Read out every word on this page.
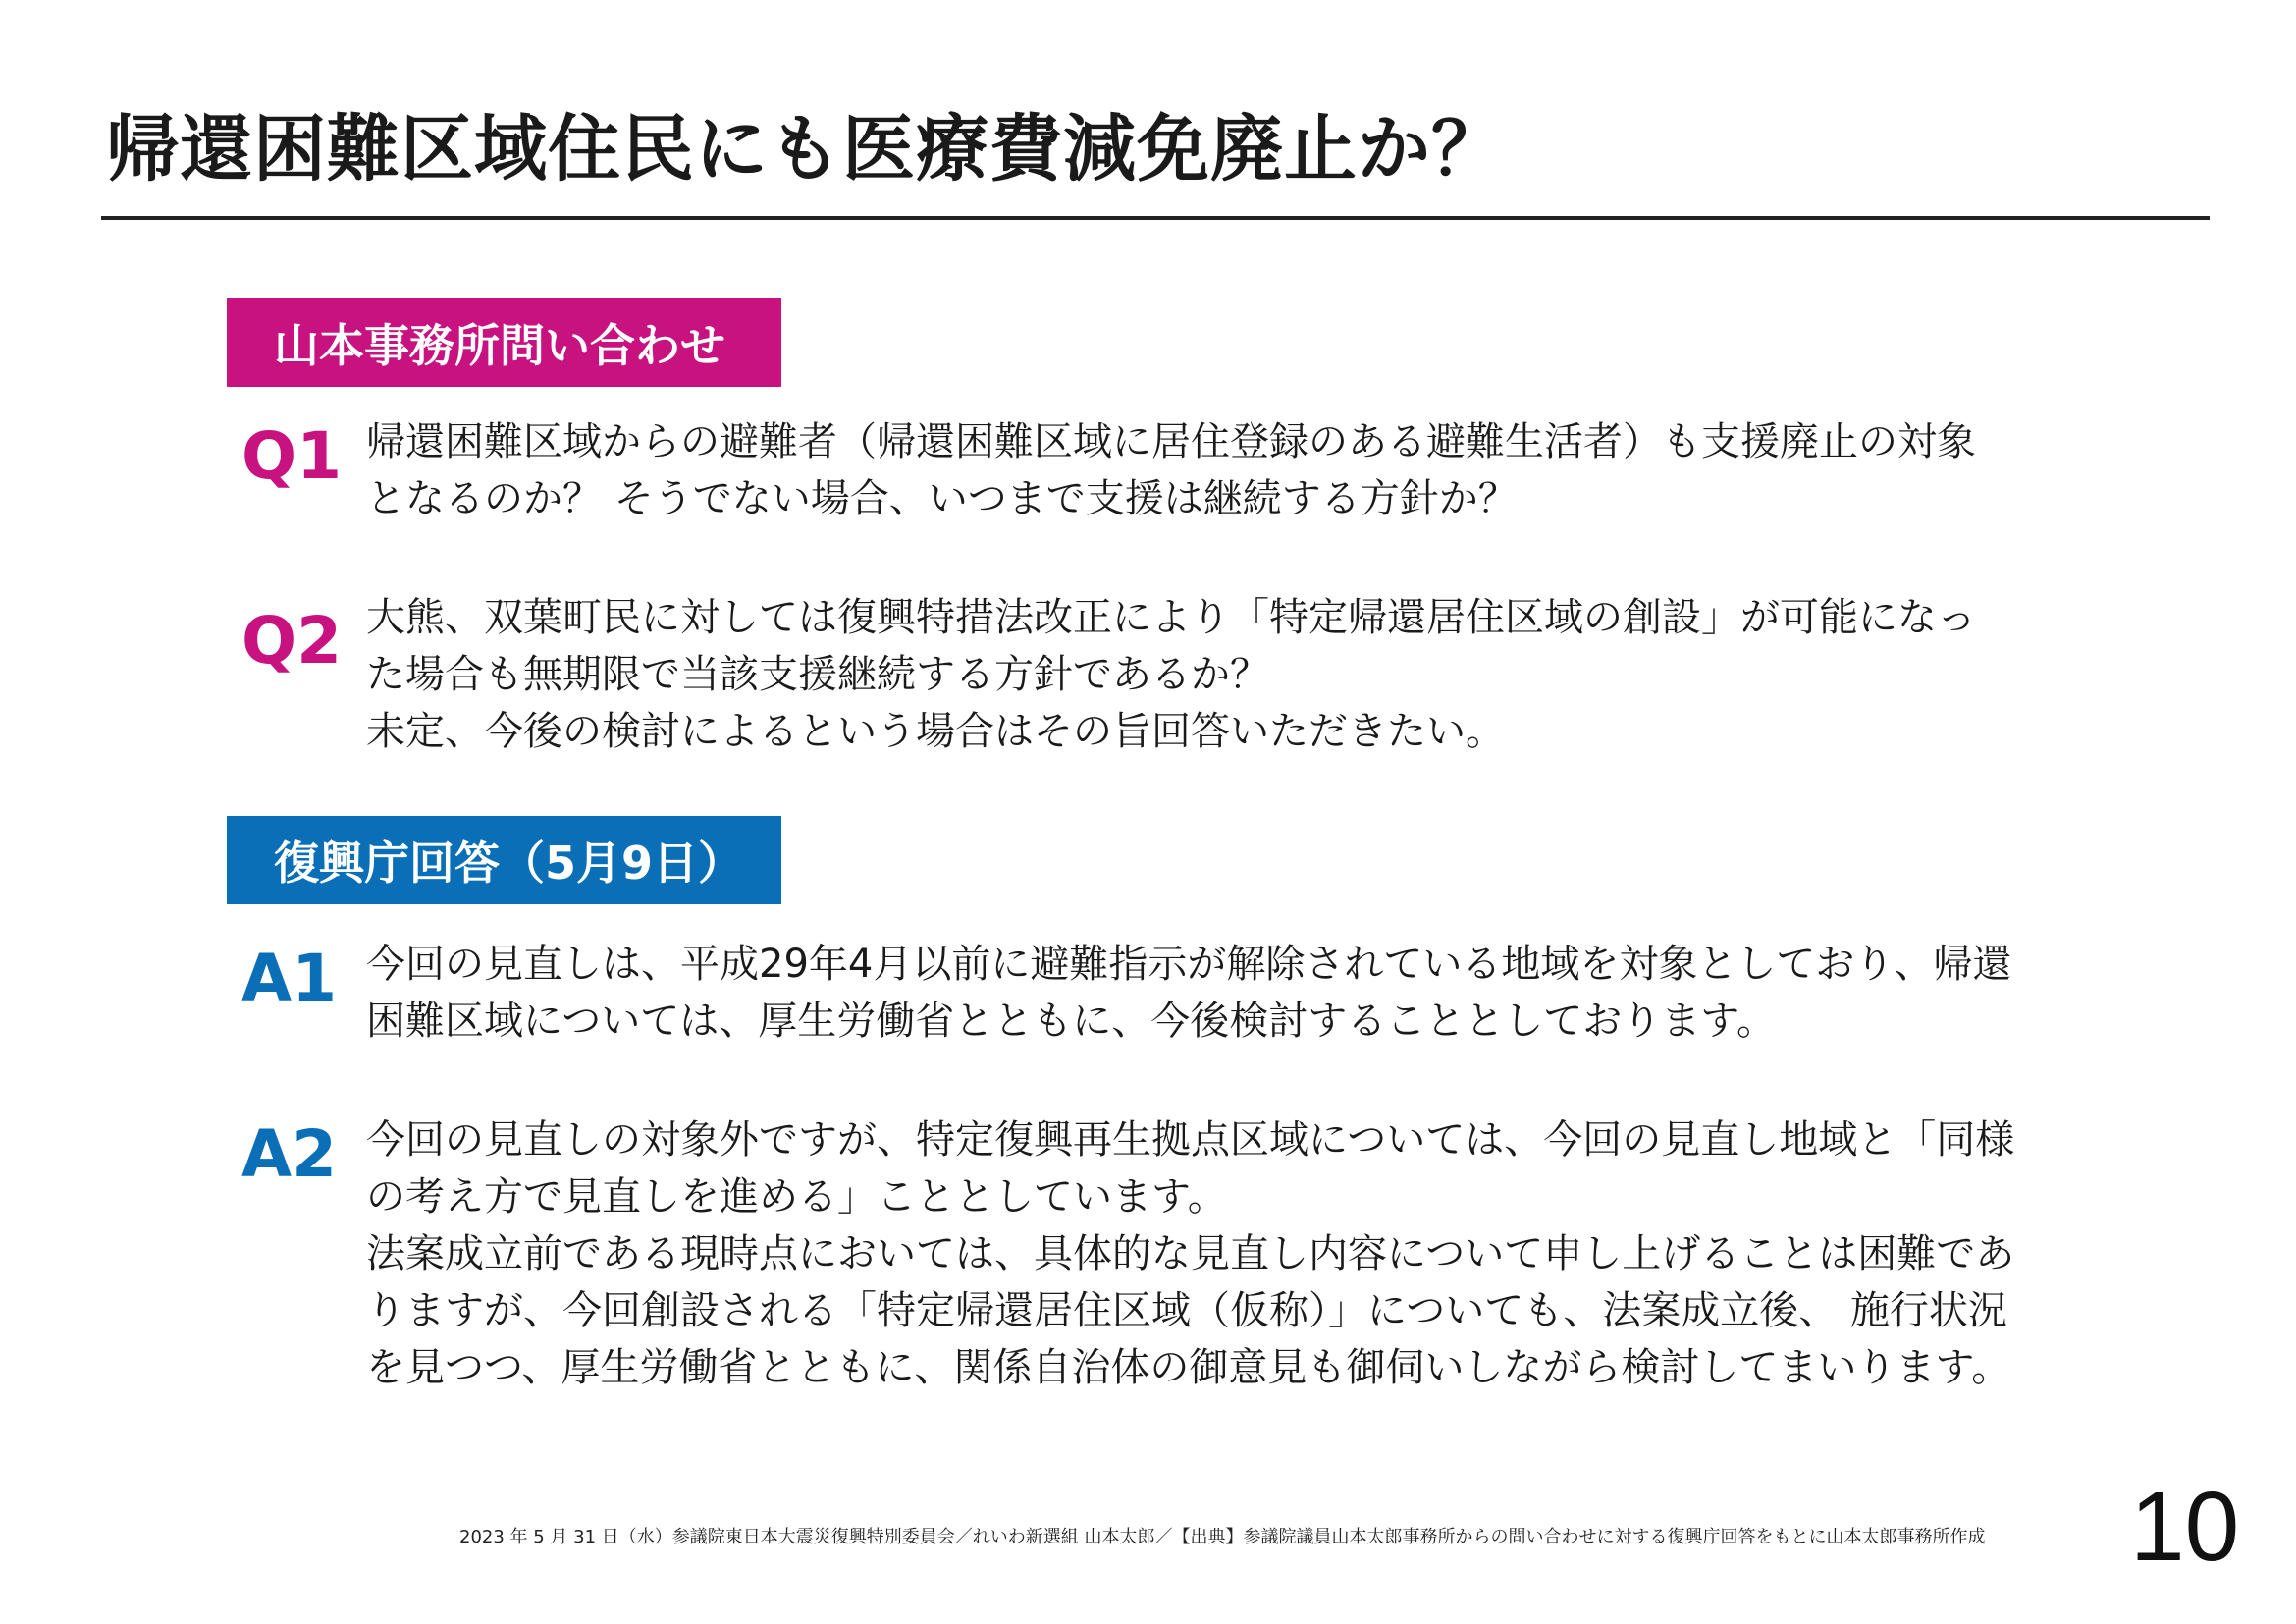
帰還困難区域住民にも医療費減免廃止か？
山本事務所問い合わせ
Q1 帰還困難区域からの避難者（帰還困難区域に居住登録のある避難生活者）も支援廃止の対象
となるのか？ そうでない場合、いつまで支援は継続する方針か？
Q2 大熊、双葉町民に対しては復興特措法改正により「特定帰還居住区域の創設」が可能になっ
た場合も無期限で当該支援継続する方針であるか？
未定、今後の検討によるという場合はその旨回答いただきたい。
復興庁回答（5月9日）
A1 今回の見直しは、平成29年4月以前に避難指示が解除されている地域を対象としており、帰還
困難区域については、厚生労働省とともに、今後検討することとしております。
A2 今回の見直しの対象外ですが、特定復興再生拠点区域については、今回の見直し地域と「同様
の考え方で見直しを進める」こととしています。
法案成立前である現時点においては、具体的な見直し内容について申し上げることは困難であ
りますが、今回創設される「特定帰還居住区域（仮称）」についても、法案成立後、 施行状況
を見つつ、厚生労働省とともに、関係自治体の御意見も御伺いしながら検討してまいります。
2023 年 5 月 31 日（水）参議院東日本大震災復興特別委員会／れいわ新選組 山本太郎／【出典】参議院議員山本太郎事務所からの問い合わせに対する復興庁回答をもとに山本太郎事務所作成 10
